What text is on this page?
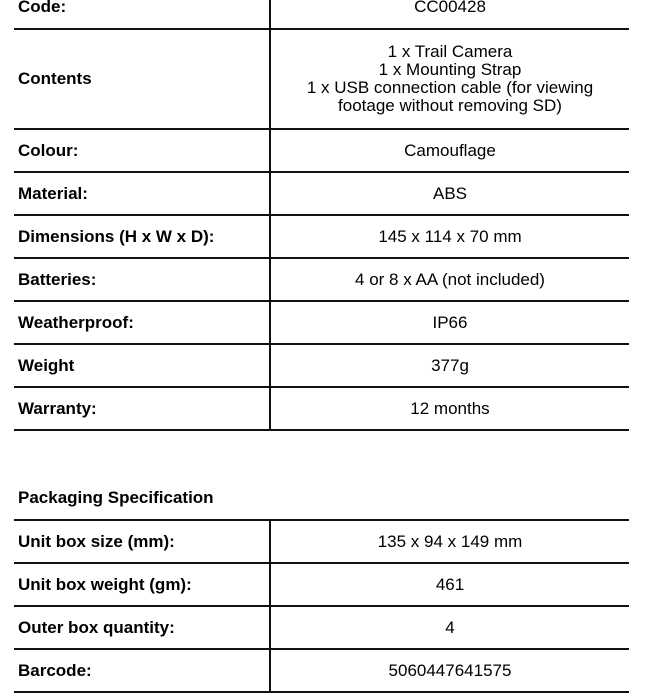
Code:	CC00428

Contents	1 x Trail Camera
1 x Mounting Strap
1 x USB connection cable (for viewing
footage without removing SD)

Colour:	Camouflage

Material:	ABS

Dimensions (H x W x D):	145 x 114 x 70 mm

Batteries:	4 or 8 x AA (not included)

Weatherproof:	IP66

Weight	377g

Warranty:	12 months
Packaging Specification
Unit box size (mm):	135 x 94 x 149 mm
Unit box weight (gm):	461
Outer box quantity:	4
Barcode:	5060447641575
